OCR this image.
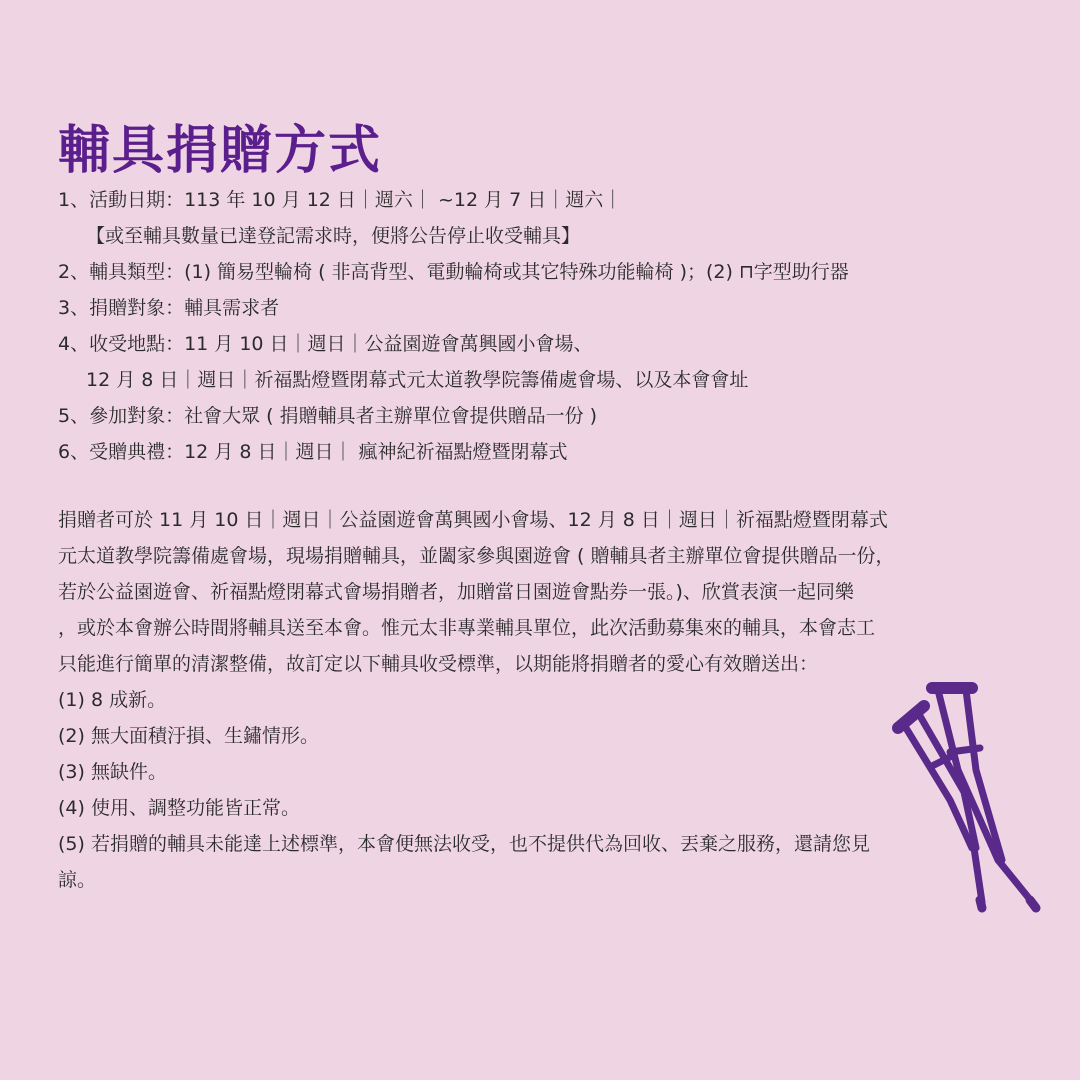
輔具捐贈方式
1、活動日期：113 年 10 月 12 日｜週六｜ ~12 月 7 日｜週六｜
【或至輔具數量已達登記需求時，便將公告停止收受輔具】
2、輔具類型：(1) 簡易型輪椅 ( 非高背型、電動輪椅或其它特殊功能輪椅 )；(2) ⊓字型助行器
3、捐贈對象：輔具需求者
4、收受地點：11 月 10 日｜週日｜公益園遊會萬興國小會場、
12 月 8 日｜週日｜祈福點燈暨閉幕式元太道教學院籌備處會場、以及本會會址
5、參加對象：社會大眾 ( 捐贈輔具者主辦單位會提供贈品一份 )
6、受贈典禮：12 月 8 日｜週日｜ 瘋神紀祈福點燈暨閉幕式
捐贈者可於 11 月 10 日｜週日｜公益園遊會萬興國小會場、12 月 8 日｜週日｜祈福點燈暨閉幕式
元太道教學院籌備處會場，現場捐贈輔具，並闔家參與園遊會 ( 贈輔具者主辦單位會提供贈品一份，
若於公益園遊會、祈福點燈閉幕式會場捐贈者，加贈當日園遊會點券一張。)、欣賞表演一起同樂
，或於本會辦公時間將輔具送至本會。惟元太非專業輔具單位，此次活動募集來的輔具，本會志工
只能進行簡單的清潔整備，故訂定以下輔具收受標準，以期能將捐贈者的愛心有效贈送出：
(1) 8 成新。
(2) 無大面積汙損、生鏽情形。
(3) 無缺件。
(4) 使用、調整功能皆正常。
(5) 若捐贈的輔具未能達上述標準，本會便無法收受，也不提供代為回收、丟棄之服務，還請您見
諒。
